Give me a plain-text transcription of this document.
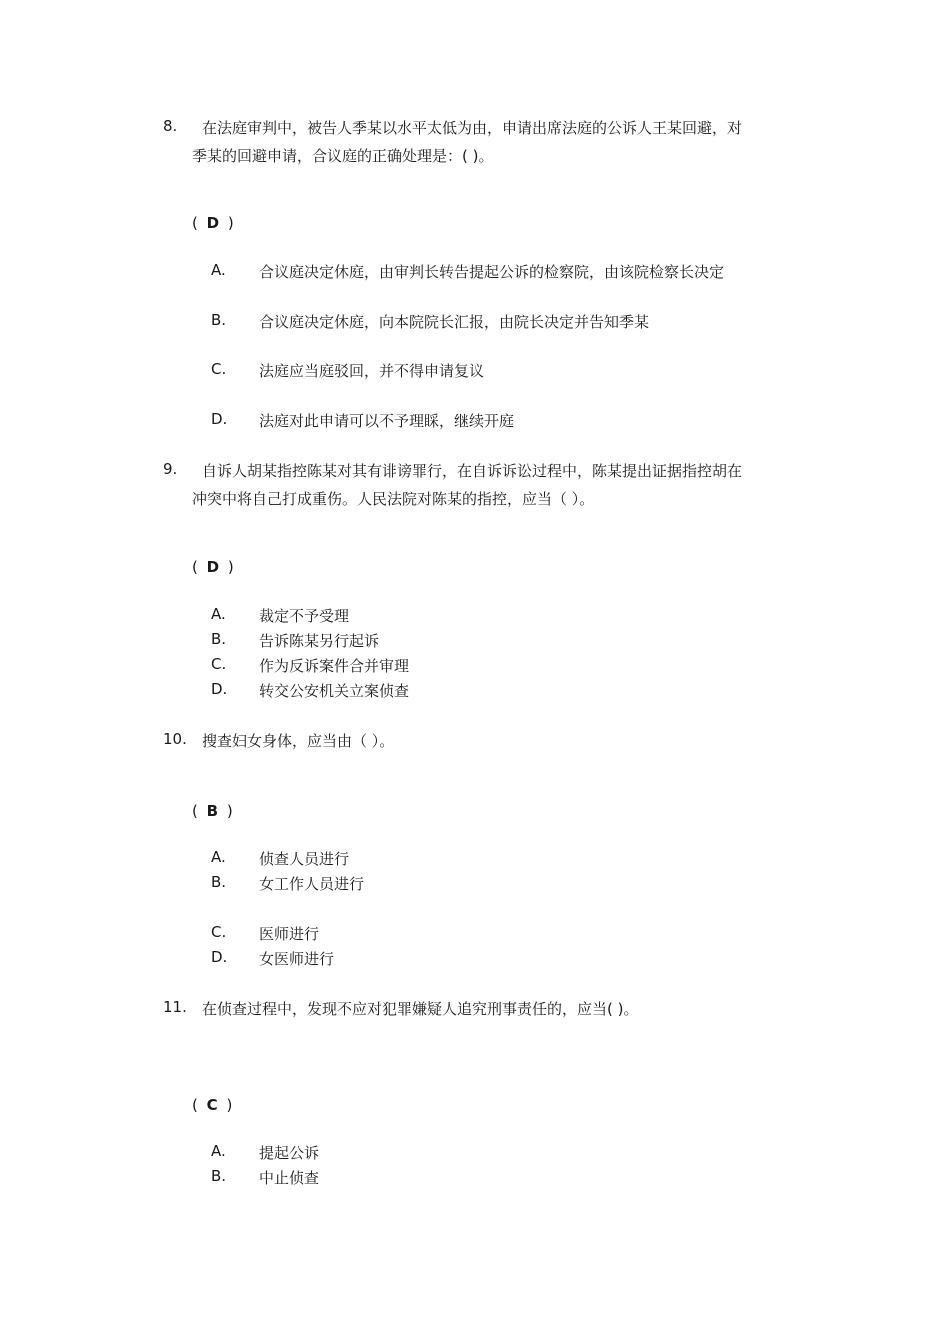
8. 在法庭审判中，被告人季某以水平太低为由，申请出席法庭的公诉人王某回避，对
季某的回避申请，合议庭的正确处理是：( )。
( D )
A. 合议庭决定休庭，由审判长转告提起公诉的检察院，由该院检察长决定
B. 合议庭决定休庭，向本院院长汇报，由院长决定并告知季某
C. 法庭应当庭驳回，并不得申请复议
D. 法庭对此申请可以不予理睬，继续开庭
9. 自诉人胡某指控陈某对其有诽谤罪行，在自诉诉讼过程中，陈某提出证据指控胡在
冲突中将自己打成重伤。人民法院对陈某的指控，应当（ ）。
( D )
A. 裁定不予受理
B. 告诉陈某另行起诉
C. 作为反诉案件合并审理
D. 转交公安机关立案侦查
10. 搜查妇女身体，应当由（ ）。
( B )
A. 侦查人员进行
B. 女工作人员进行
C. 医师进行
D. 女医师进行
11. 在侦查过程中，发现不应对犯罪嫌疑人追究刑事责任的，应当( )。
( C )
A. 提起公诉
B. 中止侦查
